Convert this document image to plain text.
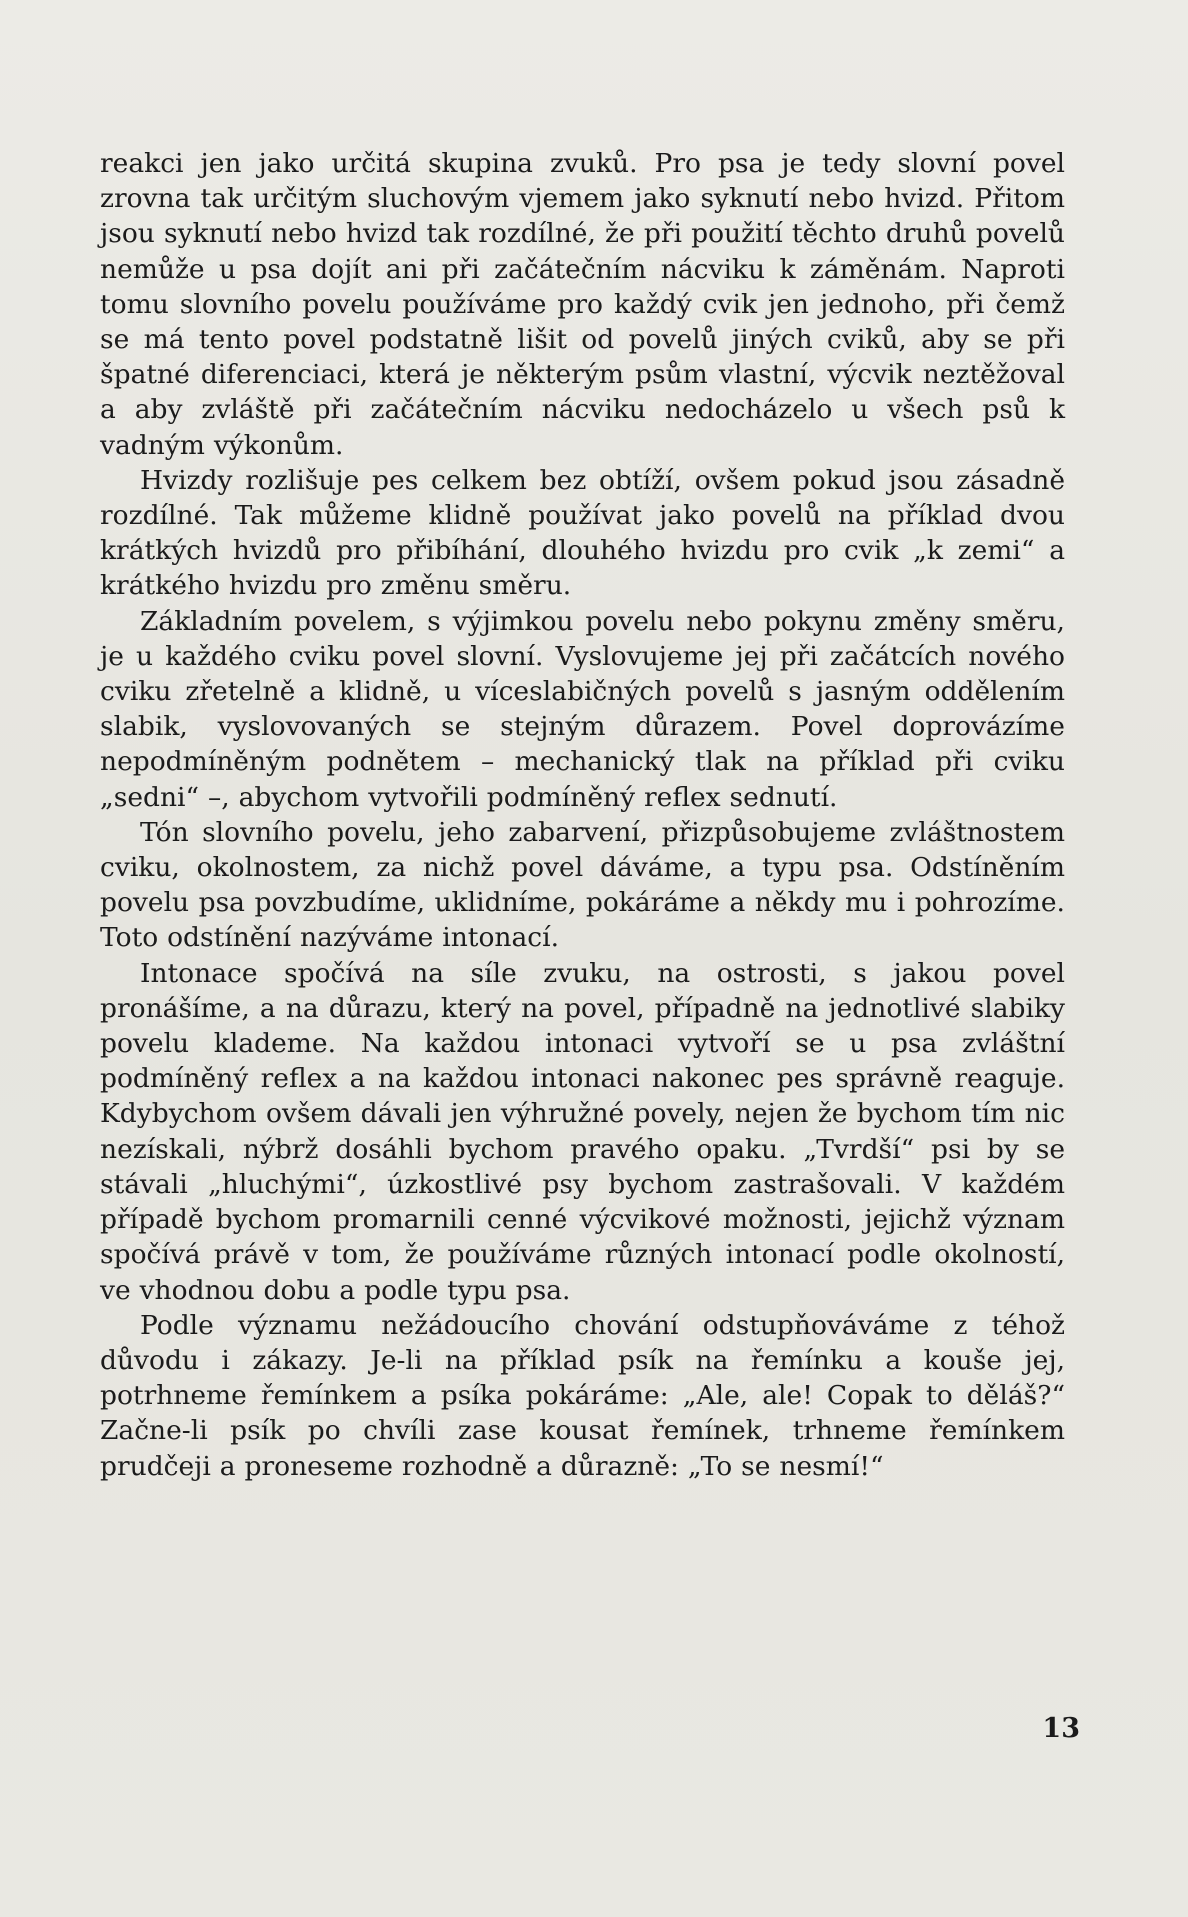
reakci jen jako určitá skupina zvuků. Pro psa je tedy slovní povel zrovna tak určitým sluchovým vjemem jako syknutí nebo hvizd. Přitom jsou syknutí nebo hvizd tak rozdílné, že při použití těchto druhů povelů nemůže u psa dojít ani při začátečním nácviku k záměnám. Naproti tomu slovního povelu používáme pro každý cvik jen jednoho, při čemž se má tento povel podstatně lišit od povelů jiných cviků, aby se při špatné diferenciaci, která je některým psům vlastní, výcvik neztěžoval a aby zvláště při začátečním nácviku nedocházelo u všech psů k vadným výkonům.

Hvizdy rozlišuje pes celkem bez obtíží, ovšem pokud jsou zásadně rozdílné. Tak můžeme klidně používat jako povelů na příklad dvou krátkých hvizdů pro přibíhání, dlouhého hvizdu pro cvik „k zemi“ a krátkého hvizdu pro změnu směru.

Základním povelem, s výjimkou povelu nebo pokynu změny směru, je u každého cviku povel slovní. Vyslovujeme jej při začátcích nového cviku zřetelně a klidně, u víceslabičných povelů s jasným oddělením slabik, vyslovovaných se stejným důrazem. Povel doprovázíme nepodmíněným podnětem – mechanický tlak na příklad při cviku „sedni“ –, abychom vytvořili podmíněný reflex sednutí.

Tón slovního povelu, jeho zabarvení, přizpůsobujeme zvláštnostem cviku, okolnostem, za nichž povel dáváme, a typu psa. Odstíněním povelu psa povzbudíme, uklidníme, pokáráme a někdy mu i pohrozíme. Toto odstínění nazýváme intonací.

Intonace spočívá na síle zvuku, na ostrosti, s jakou povel pronášíme, a na důrazu, který na povel, případně na jednotlivé slabiky povelu klademe. Na každou intonaci vytvoří se u psa zvláštní podmíněný reflex a na každou intonaci nakonec pes správně reaguje. Kdybychom ovšem dávali jen výhružné povely, nejen že bychom tím nic nezískali, nýbrž dosáhli bychom pravého opaku. „Tvrdší“ psi by se stávali „hluchými“, úzkostlivé psy bychom zastrašovali. V každém případě bychom promarnili cenné výcvikové možnosti, jejichž význam spočívá právě v tom, že používáme různých intonací podle okolností, ve vhodnou dobu a podle typu psa.

Podle významu nežádoucího chování odstupňováváme z téhož důvodu i zákazy. Je-li na příklad psík na řemínku a kouše jej, potrhneme řemínkem a psíka pokáráme: „Ale, ale! Copak to děláš?“ Začne-li psík po chvíli zase kousat řemínek, trhneme řemínkem prudčeji a proneseme rozhodně a důrazně: „To se nesmí!“

13
